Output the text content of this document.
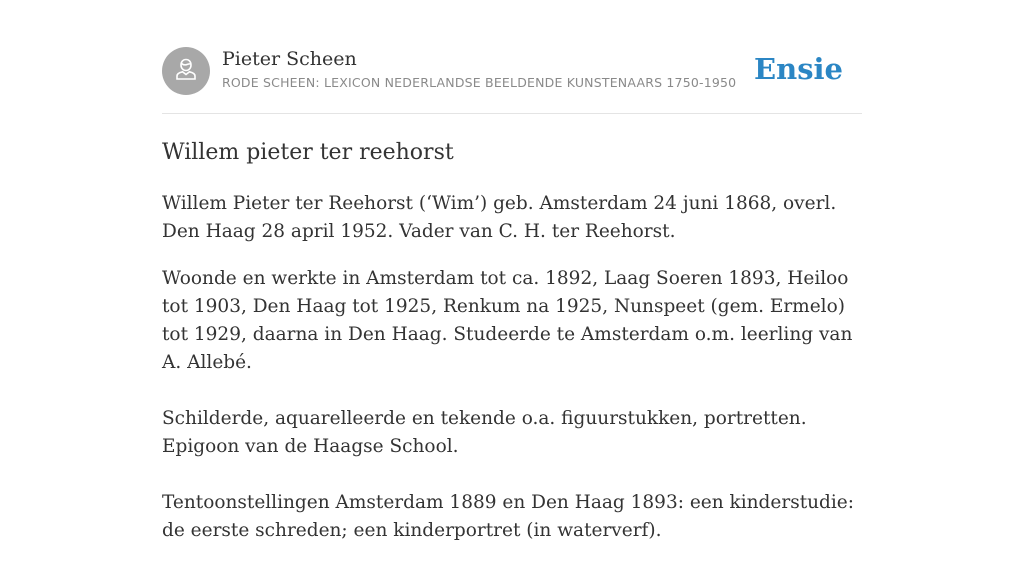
Pieter Scheen
RODE SCHEEN: LEXICON NEDERLANDSE BEELDENDE KUNSTENAARS 1750-1950 Ensie
Willem pieter ter reehorst

Willem Pieter ter Reehorst (‘Wim’) geb. Amsterdam 24 juni 1868, overl. Den Haag 28 april 1952. Vader van C. H. ter Reehorst.

Woonde en werkte in Amsterdam tot ca. 1892, Laag Soeren 1893, Heiloo tot 1903, Den Haag tot 1925, Renkum na 1925, Nunspeet (gem. Ermelo) tot 1929, daarna in Den Haag. Studeerde te Amsterdam o.m. leerling van A. Allebé.

Schilderde, aquarelleerde en tekende o.a. figuurstukken, portretten. Epigoon van de Haagse School.

Tentoonstellingen Amsterdam 1889 en Den Haag 1893: een kinderstudie: de eerste schreden; een kinderportret (in waterverf).
